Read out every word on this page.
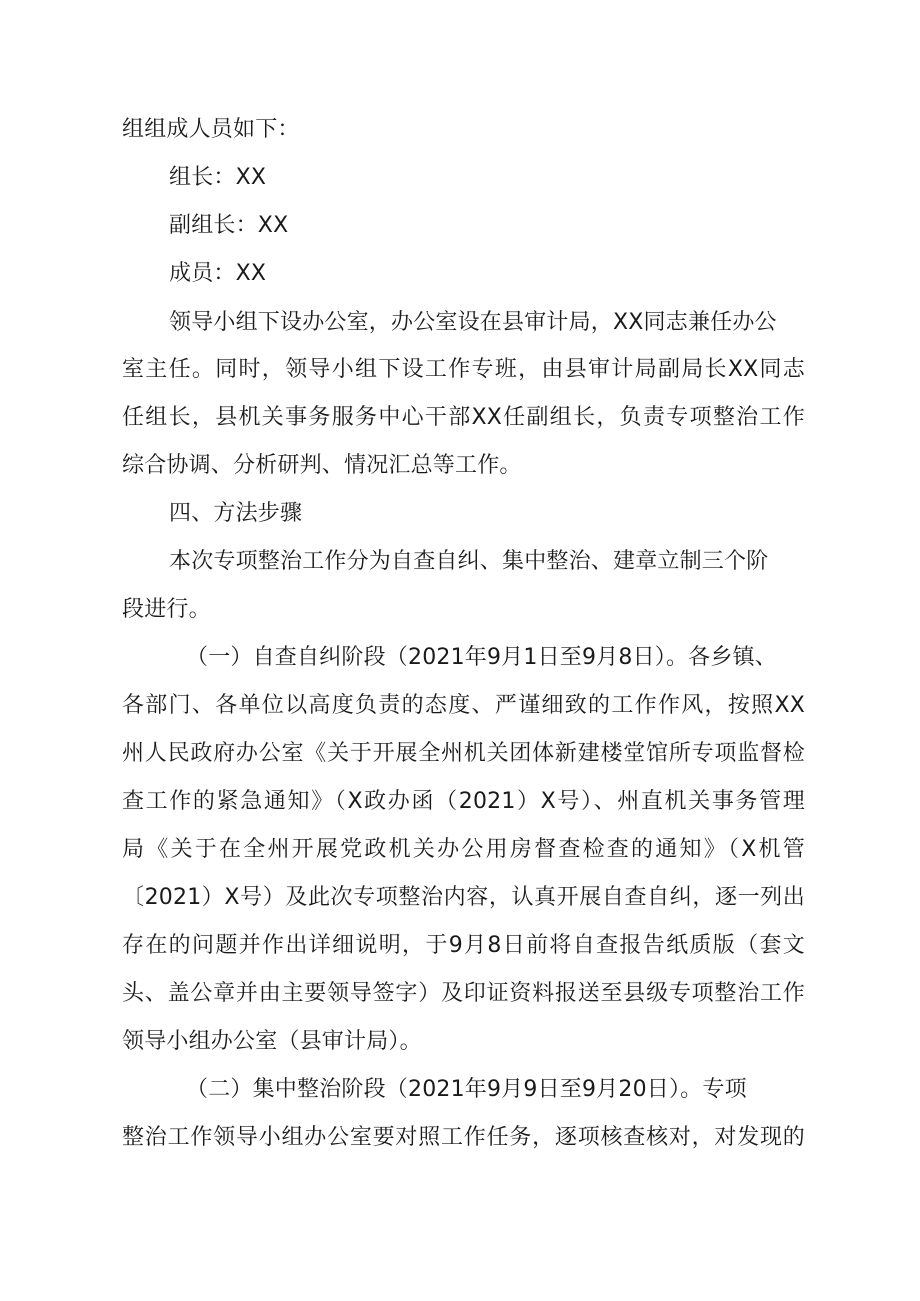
组组成人员如下：
组长：XX
副组长：XX
成员：XX
领导小组下设办公室，办公室设在县审计局，XX同志兼任办公
室主任。同时，领导小组下设工作专班，由县审计局副局长XX同志
任组长，县机关事务服务中心干部XX任副组长，负责专项整治工作
综合协调、分析研判、情况汇总等工作。
四、方法步骤
本次专项整治工作分为自查自纠、集中整治、建章立制三个阶
段进行。
（一）自查自纠阶段（2021年9月1日至9月8日）。各乡镇、
各部门、各单位以高度负责的态度、严谨细致的工作作风，按照XX
州人民政府办公室《关于开展全州机关团体新建楼堂馆所专项监督检
查工作的紧急通知》（X政办函（2021）X号）、州直机关事务管理
局《关于在全州开展党政机关办公用房督查检查的通知》（X机管
〔2021）X号）及此次专项整治内容，认真开展自查自纠，逐一列出
存在的问题并作出详细说明，于9月8日前将自查报告纸质版（套文
头、盖公章并由主要领导签字）及印证资料报送至县级专项整治工作
领导小组办公室（县审计局）。
（二）集中整治阶段（2021年9月9日至9月20日）。专项
整治工作领导小组办公室要对照工作任务，逐项核查核对，对发现的
